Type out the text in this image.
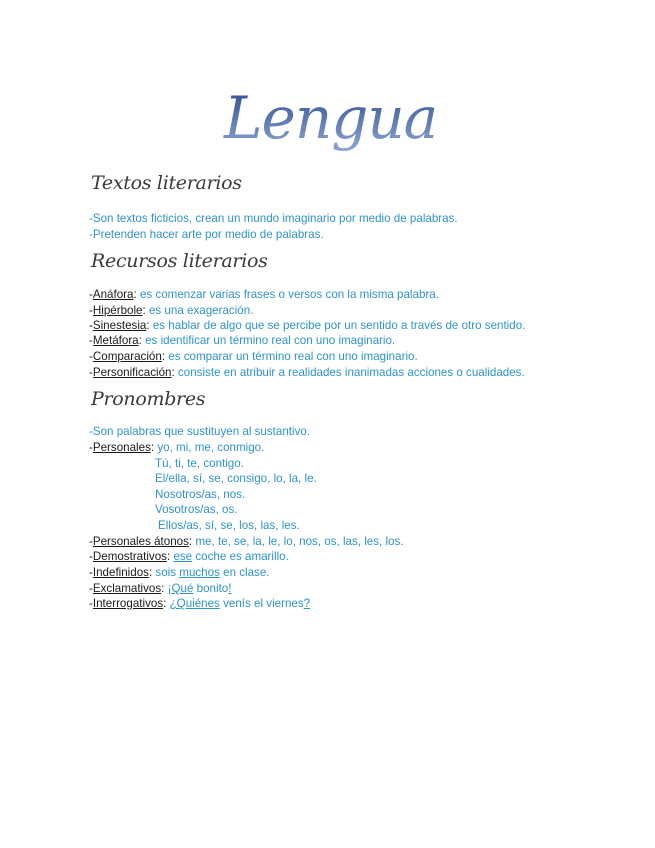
Lengua
Textos literarios
-Son textos ficticios, crean un mundo imaginario por medio de palabras.
-Pretenden hacer arte por medio de palabras.
Recursos literarios
-Anáfora: es comenzar varias frases o versos con la misma palabra.
-Hipérbole: es una exageración.
-Sinestesia: es hablar de algo que se percibe por un sentido a través de otro sentido.
-Metáfora: es identificar un término real con uno imaginario.
-Comparación: es comparar un término real con uno imaginario.
-Personificación: consiste en atribuir a realidades inanimadas acciones o cualidades.
Pronombres
-Son palabras que sustituyen al sustantivo.
-Personales: yo, mi, me, conmigo.
Tú, ti, te, contigo.
El/ella, sí, se, consigo, lo, la, le.
Nosotros/as, nos.
Vosotros/as, os.
Ellos/as, sí, se, los, las, les.
-Personales átonos: me, te, se, la, le, lo, nos, os, las, les, los.
-Demostrativos: ese coche es amarillo.
-Indefinidos: sois muchos en clase.
-Exclamativos: ¡Qué bonito!
-Interrogativos: ¿Quiénes venís el viernes?
